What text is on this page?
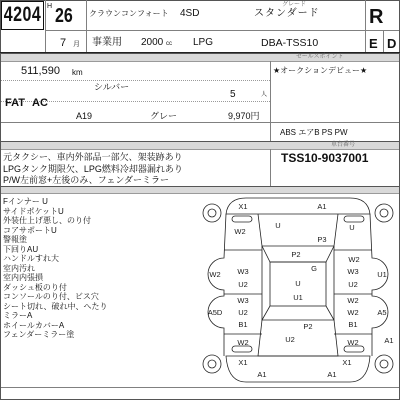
4204 H 26
7 月
クラウンコンフォート 4SD
グレード
スタンダード R
事業用 2000 cc LPG	DBA-TSS10	E D
セールスポイント
511,590 km	★オークションデビュー★
シルバー
5	人
FAT AC
A19	グレー	9,970円
ABS エアB PS PW
車台番号
元タクシー、車内外部品一部欠、架装跡あり
LPGタンク期限欠、LPG燃料冷却器漏れあり
P/W左前窓+左後のみ、フェンダーミラー
TSS10-9037001
Fインナー U
サイドポケットU
外装仕上げ悪し、のり付
コアサポートU
警報塗
下回りAU
ハンドルすれ大
室内汚れ
室内内張損
ダッシュ板のり付
コンソールのり付、ビス穴
シート切れ、破れ中、へたり
ミラーA
ホイールカバーA
フェンダーミラー塗
X1	A1
U
W2	U
P3
P2
W2
G
W2	U1
W3	W3
U
U2	U2
U1
W3	W2
A5D	A5
U2	W2
P2
B1	B1
U2
W2	W2	A1
X1	X1
A1	A1
